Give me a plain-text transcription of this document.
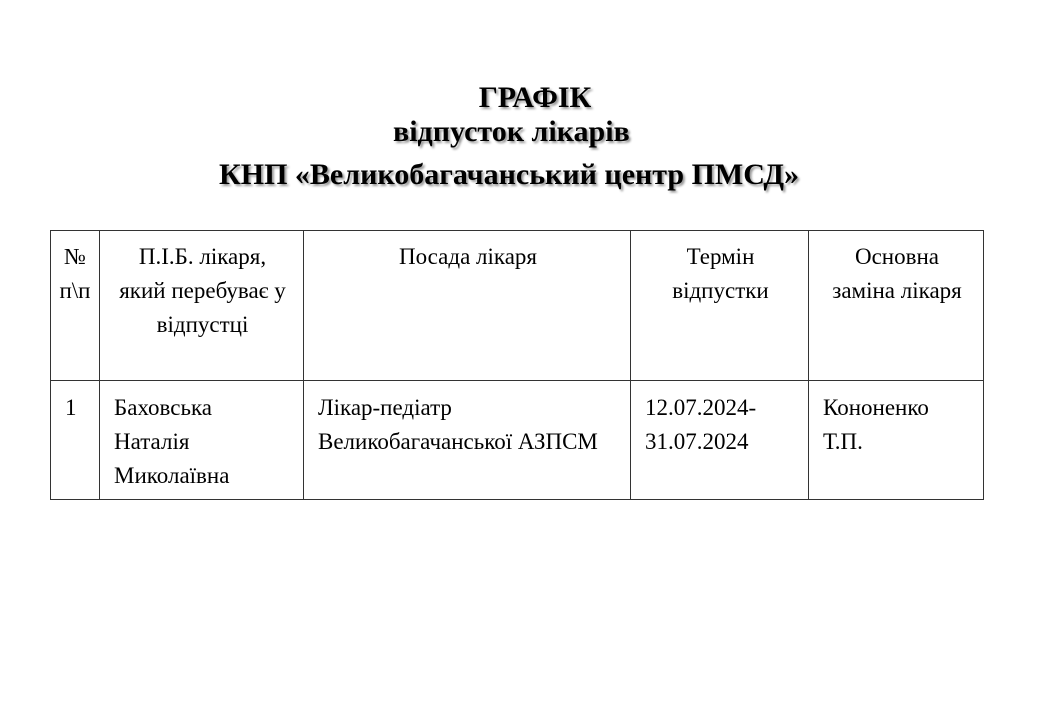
ГРАФІК
відпусток лікарів
КНП «Великобагачанський центр ПМСД»
№ п\п	П.І.Б. лікаря, який перебуває у відпустці	Посада лікаря	Термін відпустки	Основна заміна лікаря
1	Баховська Наталія Миколаївна	Лікар-педіатр Великобагачанської АЗПСМ	12.07.2024-31.07.2024	Кононенко Т.П.
